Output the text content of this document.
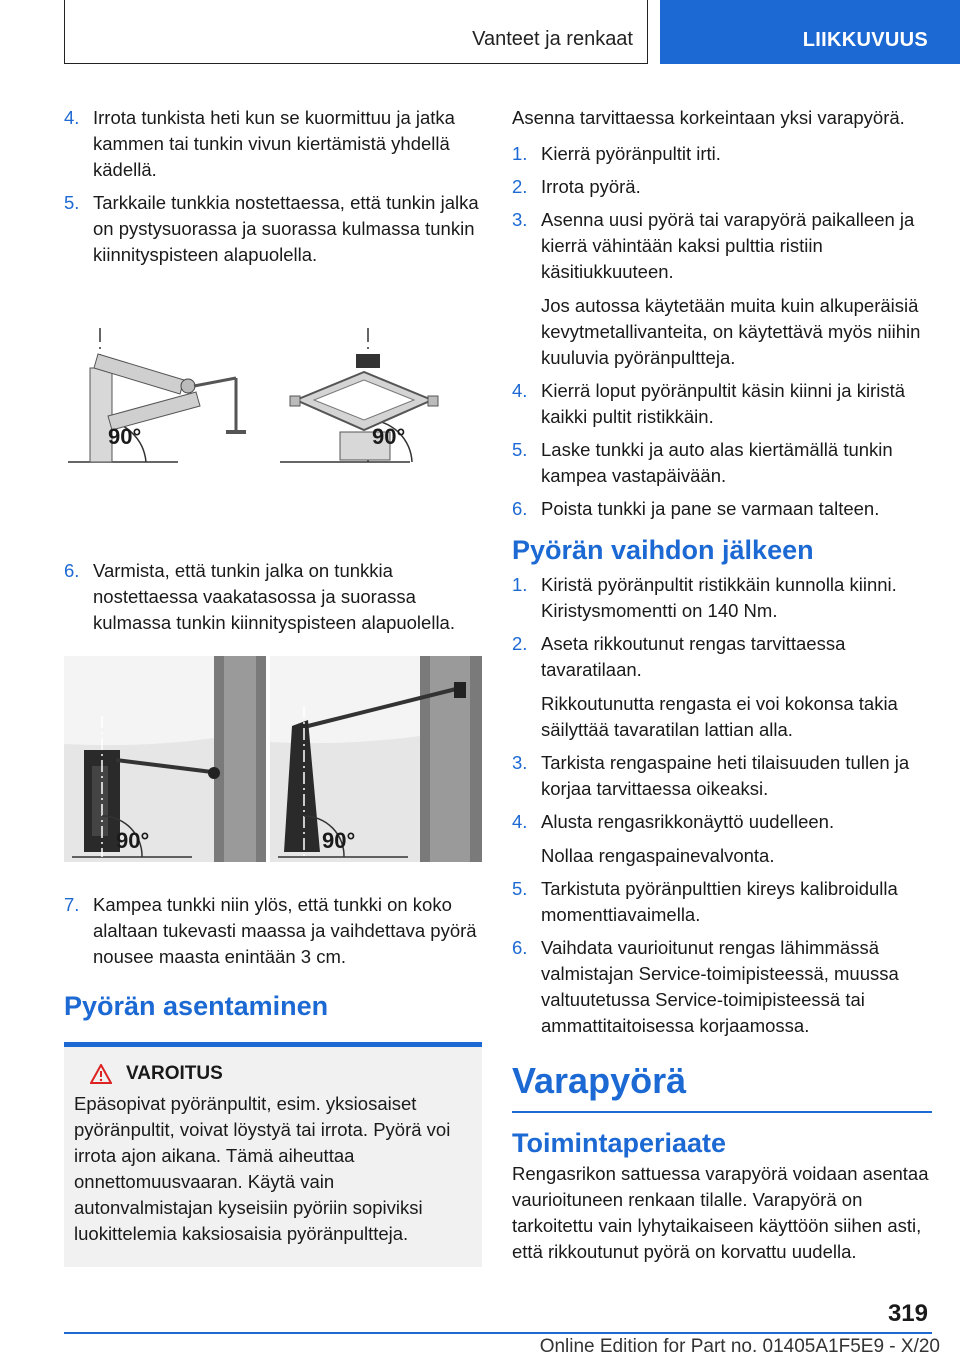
Vanteet ja renkaat	LIIKKUVUUS
4. Irrota tunkista heti kun se kuormittuu ja jatka kammen tai tunkin vivun kiertämistä yhdellä kädellä.
5. Tarkkaile tunkkia nostettaessa, että tunkin jalka on pystysuorassa ja suorassa kulmassa tunkin kiinnityspisteen alapuolella.
90°	90°
6. Varmista, että tunkin jalka on tunkkia nostettaessa vaakatasossa ja suorassa kulmassa tunkin kiinnityspisteen alapuolella.
90°	90°
7. Kampea tunkki niin ylös, että tunkki on koko alaltaan tukevasti maassa ja vaihdettava pyörä nousee maasta enintään 3 cm.
Pyörän asentaminen
VAROITUS
Epäsopivat pyöränpultit, esim. yksiosaiset pyöränpultit, voivat löystyä tai irrota. Pyörä voi irrota ajon aikana. Tämä aiheuttaa onnettomuusvaaran. Käytä vain autonvalmistajan kyseisiin pyöriin sopiviksi luokittelemia kaksiosaisia pyöränpultteja.
Asenna tarvittaessa korkeintaan yksi varapyörä.
1. Kierrä pyöränpultit irti.
2. Irrota pyörä.
3. Asenna uusi pyörä tai varapyörä paikalleen ja kierrä vähintään kaksi pulttia ristiin käsitiukkuuteen.
Jos autossa käytetään muita kuin alkuperäisiä kevytmetallivanteita, on käytettävä myös niihin kuuluvia pyöränpultteja.
4. Kierrä loput pyöränpultit käsin kiinni ja kiristä kaikki pultit ristikkäin.
5. Laske tunkki ja auto alas kiertämällä tunkin kampea vastapäivään.
6. Poista tunkki ja pane se varmaan talteen.
Pyörän vaihdon jälkeen
1. Kiristä pyöränpultit ristikkäin kunnolla kiinni. Kiristysmomentti on 140 Nm.
2. Aseta rikkoutunut rengas tarvittaessa tavaratilaan.
Rikkoutunutta rengasta ei voi kokonsa takia säilyttää tavaratilan lattian alla.
3. Tarkista rengaspaine heti tilaisuuden tullen ja korjaa tarvittaessa oikeaksi.
4. Alusta rengasrikkonäyttö uudelleen.
Nollaa rengaspainevalvonta.
5. Tarkistuta pyöränpulttien kireys kalibroidulla momenttiavaimella.
6. Vaihdata vaurioitunut rengas lähimmässä valmistajan Service-toimipisteessä, muussa valtuutetussa Service-toimipisteessä tai ammattitaitoisessa korjaamossa.
Varapyörä
Toimintaperiaate
Rengasrikon sattuessa varapyörä voidaan asentaa vaurioituneen renkaan tilalle. Varapyörä on tarkoitettu vain lyhytaikaiseen käyttöön siihen asti, että rikkoutunut pyörä on korvattu uudella.
319
Online Edition for Part no. 01405A1F5E9 - X/20
